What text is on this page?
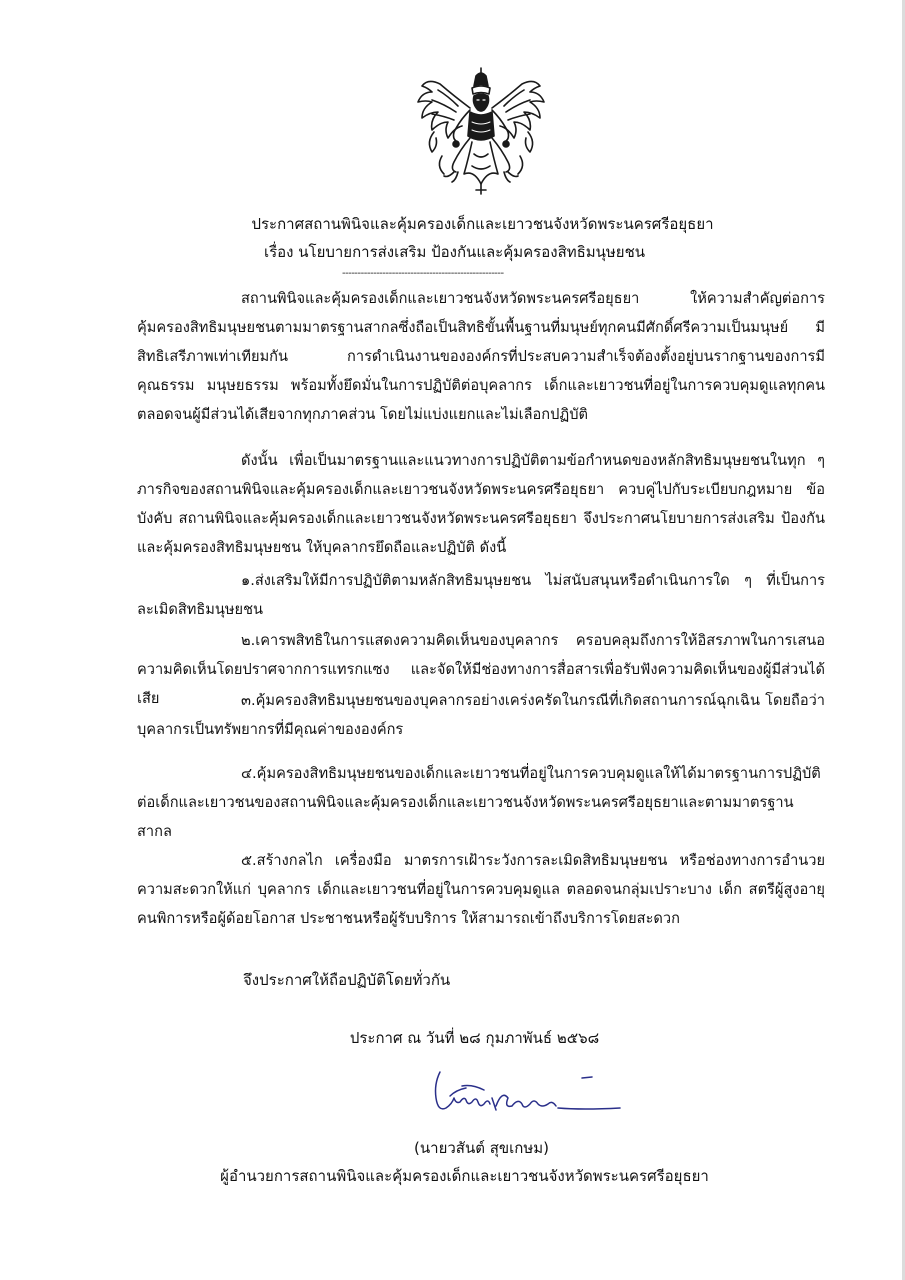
ประกาศสถานพินิจและคุ้มครองเด็กและเยาวชนจังหวัดพระนครศรีอยุธยา
เรื่อง นโยบายการส่งเสริม ป้องกันและคุ้มครองสิทธิมนุษยชน
----------------------------------------------------

สถานพินิจและคุ้มครองเด็กและเยาวชนจังหวัดพระนครศรีอยุธยา ให้ความสำคัญต่อการคุ้มครองสิทธิมนุษยชนตามมาตรฐานสากลซึ่งถือเป็นสิทธิขั้นพื้นฐานที่มนุษย์ทุกคนมีศักดิ์ศรีความเป็นมนุษย์ มีสิทธิเสรีภาพเท่าเทียมกัน การดำเนินงานขององค์กรที่ประสบความสำเร็จต้องตั้งอยู่บนรากฐานของการมีคุณธรรม มนุษยธรรม พร้อมทั้งยึดมั่นในการปฏิบัติต่อบุคลากร เด็กและเยาวชนที่อยู่ในการควบคุมดูแลทุกคน ตลอดจนผู้มีส่วนได้เสียจากทุกภาคส่วน โดยไม่แบ่งแยกและไม่เลือกปฏิบัติ

ดังนั้น เพื่อเป็นมาตรฐานและแนวทางการปฏิบัติตามข้อกำหนดของหลักสิทธิมนุษยชนในทุก ๆ ภารกิจของสถานพินิจและคุ้มครองเด็กและเยาวชนจังหวัดพระนครศรีอยุธยา ควบคู่ไปกับระเบียบกฎหมาย ข้อบังคับ สถานพินิจและคุ้มครองเด็กและเยาวชนจังหวัดพระนครศรีอยุธยา จึงประกาศนโยบายการส่งเสริม ป้องกันและคุ้มครองสิทธิมนุษยชน ให้บุคลากรยึดถือและปฏิบัติ ดังนี้

๑.ส่งเสริมให้มีการปฏิบัติตามหลักสิทธิมนุษยชน ไม่สนับสนุนหรือดำเนินการใด ๆ ที่เป็นการละเมิดสิทธิมนุษยชน

๒.เคารพสิทธิในการแสดงความคิดเห็นของบุคลากร ครอบคลุมถึงการให้อิสรภาพในการเสนอความคิดเห็นโดยปราศจากการแทรกแซง และจัดให้มีช่องทางการสื่อสารเพื่อรับฟังความคิดเห็นของผู้มีส่วนได้เสีย	๓.คุ้มครองสิทธิมนุษยชนของบุคลากรอย่างเคร่งครัดในกรณีที่เกิดสถานการณ์ฉุกเฉิน โดยถือว่าบุคลากรเป็นทรัพยากรที่มีคุณค่าขององค์กร

๔.คุ้มครองสิทธิมนุษยชนของเด็กและเยาวชนที่อยู่ในการควบคุมดูแลให้ได้มาตรฐานการปฏิบัติต่อเด็กและเยาวชนของสถานพินิจและคุ้มครองเด็กและเยาวชนจังหวัดพระนครศรีอยุธยาและตามมาตรฐานสากล

๕.สร้างกลไก เครื่องมือ มาตรการเฝ้าระวังการละเมิดสิทธิมนุษยชน หรือช่องทางการอำนวยความสะดวกให้แก่ บุคลากร เด็กและเยาวชนที่อยู่ในการควบคุมดูแล ตลอดจนกลุ่มเปราะบาง เด็ก สตรีผู้สูงอายุ คนพิการหรือผู้ด้อยโอกาส ประชาชนหรือผู้รับบริการ ให้สามารถเข้าถึงบริการโดยสะดวก

จึงประกาศให้ถือปฏิบัติโดยทั่วกัน
ประกาศ ณ วันที่ ๒๘ กุมภาพันธ์ ๒๕๖๘
(นายวสันต์ สุขเกษม)
ผู้อำนวยการสถานพินิจและคุ้มครองเด็กและเยาวชนจังหวัดพระนครศรีอยุธยา
